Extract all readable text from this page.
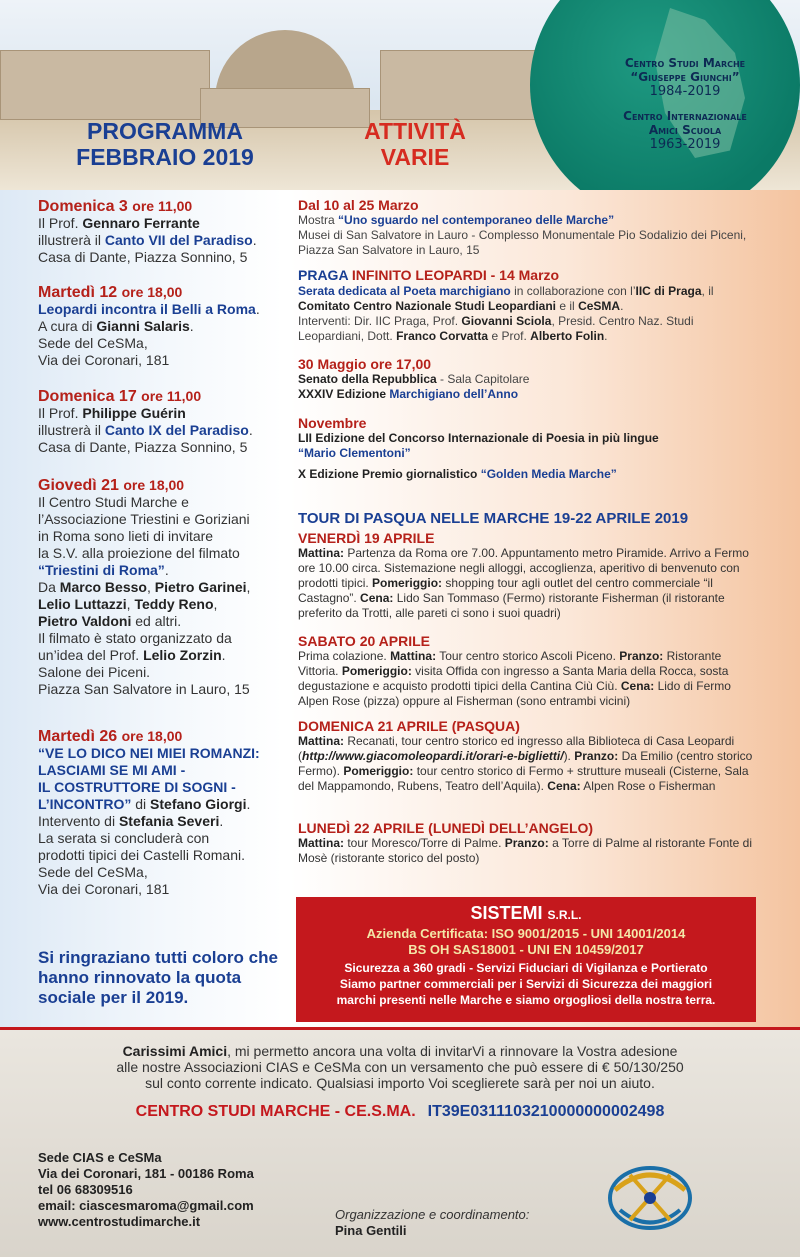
PROGRAMMA
FEBBRAIO 2019
ATTIVITÀ
VARIE
Centro Studi Marche
“Giuseppe Giunchi”
1984-2019
Centro Internazionale
Amici Scuola
1963-2019
Domenica 3 ore 11,00
Il Prof. Gennaro Ferrante
illustrerà il Canto VII del Paradiso.
Casa di Dante, Piazza Sonnino, 5
Martedì 12 ore 18,00
Leopardi incontra il Belli a Roma.
A cura di Gianni Salaris.
Sede del CeSMa,
Via dei Coronari, 181
Domenica 17 ore 11,00
Il Prof. Philippe Guérin
illustrerà il Canto IX del Paradiso.
Casa di Dante, Piazza Sonnino, 5
Giovedì 21 ore 18,00
Il Centro Studi Marche e
l’Associazione Triestini e Goriziani
in Roma sono lieti di invitare
la S.V. alla proiezione del filmato
“Triestini di Roma”.
Da Marco Besso, Pietro Garinei,
Lelio Luttazzi, Teddy Reno,
Pietro Valdoni ed altri.
Il filmato è stato organizzato da
un’idea del Prof. Lelio Zorzin.
Salone dei Piceni.
Piazza San Salvatore in Lauro, 15
Martedì 26 ore 18,00
“VE LO DICO NEI MIEI ROMANZI:
LASCIAMI SE MI AMI -
IL COSTRUTTORE DI SOGNI -
L’INCONTRO” di Stefano Giorgi.
Intervento di Stefania Severi.
La serata si concluderà con
prodotti tipici dei Castelli Romani.
Sede del CeSMa,
Via dei Coronari, 181
Si ringraziano tutti coloro che hanno rinnovato la quota sociale per il 2019.
Dal 10 al 25 Marzo
Mostra “Uno sguardo nel contemporaneo delle Marche”
Musei di San Salvatore in Lauro - Complesso Monumentale Pio Sodalizio dei Piceni, Piazza San Salvatore in Lauro, 15
PRAGA INFINITO LEOPARDI - 14 Marzo
Serata dedicata al Poeta marchigiano in collaborazione con l’IIC di Praga, il Comitato Centro Nazionale Studi Leopardiani e il CeSMA.
Interventi: Dir. IIC Praga, Prof. Giovanni Sciola, Presid. Centro Naz. Studi Leopardiani, Dott. Franco Corvatta e Prof. Alberto Folin.
30 Maggio ore 17,00
Senato della Repubblica - Sala Capitolare
XXXIV Edizione Marchigiano dell’Anno
Novembre
LII Edizione del Concorso Internazionale di Poesia in più lingue
“Mario Clementoni”
X Edizione Premio giornalistico “Golden Media Marche”
TOUR DI PASQUA NELLE MARCHE 19-22 APRILE 2019
VENERDÌ 19 APRILE
Mattina: Partenza da Roma ore 7.00. Appuntamento metro Piramide. Arrivo a Fermo ore 10.00 circa. Sistemazione negli alloggi, accoglienza, aperitivo di benvenuto con prodotti tipici. Pomeriggio: shopping tour agli outlet del centro commerciale “il Castagno”. Cena: Lido San Tommaso (Fermo) ristorante Fisherman (il ristorante preferito da Trotti, alle pareti ci sono i suoi quadri)
SABATO 20 APRILE
Prima colazione. Mattina: Tour centro storico Ascoli Piceno. Pranzo: Ristorante Vittoria. Pomeriggio: visita Offida con ingresso a Santa Maria della Rocca, sosta degustazione e acquisto prodotti tipici della Cantina Ciù Ciù. Cena: Lido di Fermo Alpen Rose (pizza) oppure al Fisherman (sono entrambi vicini)
DOMENICA 21 APRILE (PASQUA)
Mattina: Recanati, tour centro storico ed ingresso alla Biblioteca di Casa Leopardi (http://www.giacomoleopardi.it/orari-e-biglietti/). Pranzo: Da Emilio (centro storico Fermo). Pomeriggio: tour centro storico di Fermo + strutture museali (Cisterne, Sala del Mappamondo, Rubens, Teatro dell’Aquila). Cena: Alpen Rose o Fisherman
LUNEDÌ 22 APRILE (LUNEDÌ DELL’ANGELO)
Mattina: tour Moresco/Torre di Palme. Pranzo: a Torre di Palme al ristorante Fonte di Mosè (ristorante storico del posto)
SISTEMI S.R.L.
Azienda Certificata: ISO 9001/2015 - UNI 14001/2014
BS OH SAS18001 - UNI EN 10459/2017
Sicurezza a 360 gradi - Servizi Fiduciari di Vigilanza e Portierato
Siamo partner commerciali per i Servizi di Sicurezza dei maggiori
marchi presenti nelle Marche e siamo orgogliosi della nostra terra.
Carissimi Amici, mi permetto ancora una volta di invitarVi a rinnovare la Vostra adesione
alle nostre Associazioni CIAS e CeSMa con un versamento che può essere di € 50/130/250
sul conto corrente indicato. Qualsiasi importo Voi sceglierete sarà per noi un aiuto.
CENTRO STUDI MARCHE - CE.S.MA. IT39E0311103210000000002498
Sede CIAS e CeSMa
Via dei Coronari, 181 - 00186 Roma
tel 06 68309516
email: ciascesmaroma@gmail.com
www.centrostudimarche.it	Organizzazione e coordinamento:
Pina Gentili
